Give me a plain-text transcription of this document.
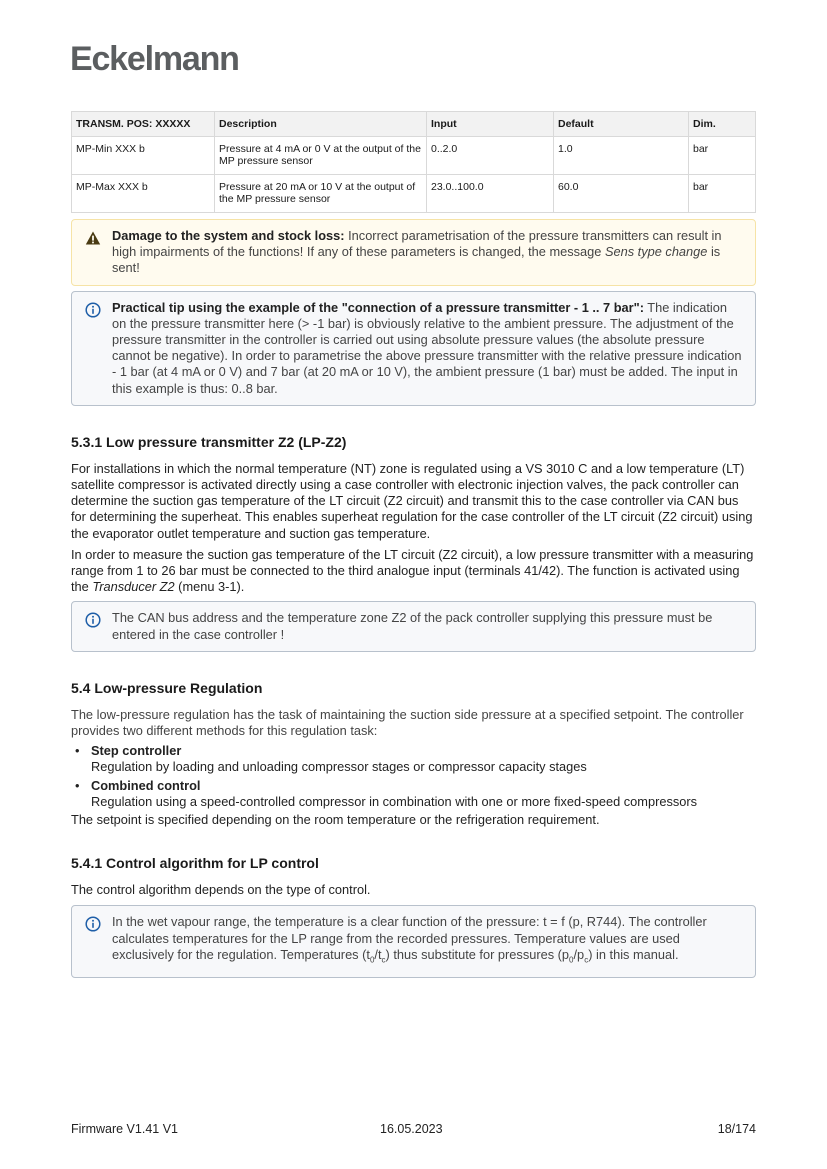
Eckelmann
TRANSM. POS: XXXXX	Description	Input	Default	Dim.
MP-Min XXX b	Pressure at 4 mA or 0 V at the output of the MP pressure sensor	0..2.0	1.0	bar
MP-Max XXX b	Pressure at 20 mA or 10 V at the output of the MP pressure sensor	23.0..100.0	60.0	bar
Damage to the system and stock loss: Incorrect parametrisation of the pressure transmitters can result in high impairments of the functions! If any of these parameters is changed, the message Sens type change is sent!
Practical tip using the example of the "connection of a pressure transmitter - 1 .. 7 bar": The indication on the pressure transmitter here (> -1 bar) is obviously relative to the ambient pressure. The adjustment of the pressure transmitter in the controller is carried out using absolute pressure values (the absolute pressure cannot be negative). In order to parametrise the above pressure transmitter with the relative pressure indication - 1 bar (at 4 mA or 0 V) and 7 bar (at 20 mA or 10 V), the ambient pressure (1 bar) must be added. The input in this example is thus: 0..8 bar.
5.3.1 Low pressure transmitter Z2 (LP-Z2)

For installations in which the normal temperature (NT) zone is regulated using a VS 3010 C and a low temperature (LT) satellite compressor is activated directly using a case controller with electronic injection valves, the pack controller can determine the suction gas temperature of the LT circuit (Z2 circuit) and transmit this to the case controller via CAN bus for determining the superheat. This enables superheat regulation for the case controller of the LT circuit (Z2 circuit) using the evaporator outlet temperature and suction gas temperature.

In order to measure the suction gas temperature of the LT circuit (Z2 circuit), a low pressure transmitter with a measuring range from 1 to 26 bar must be connected to the third analogue input (terminals 41/42). The function is activated using the Transducer Z2 (menu 3-1).

The CAN bus address and the temperature zone Z2 of the pack controller supplying this pressure must be entered in the case controller !
5.4 Low-pressure Regulation

The low-pressure regulation has the task of maintaining the suction side pressure at a specified setpoint. The controller provides two different methods for this regulation task:

• Step controller
Regulation by loading and unloading compressor stages or compressor capacity stages
• Combined control
Regulation using a speed-controlled compressor in combination with one or more fixed-speed compressors

The setpoint is specified depending on the room temperature or the refrigeration requirement.

5.4.1 Control algorithm for LP control

The control algorithm depends on the type of control.

In the wet vapour range, the temperature is a clear function of the pressure: t = f (p, R744). The controller calculates temperatures for the LP range from the recorded pressures. Temperature values are used exclusively for the regulation. Temperatures $(t_0/t_c)$ thus substitute for pressures $(p_0/p_c)$ in this manual.
Firmware V1.41 V1	16.05.2023	18/174
